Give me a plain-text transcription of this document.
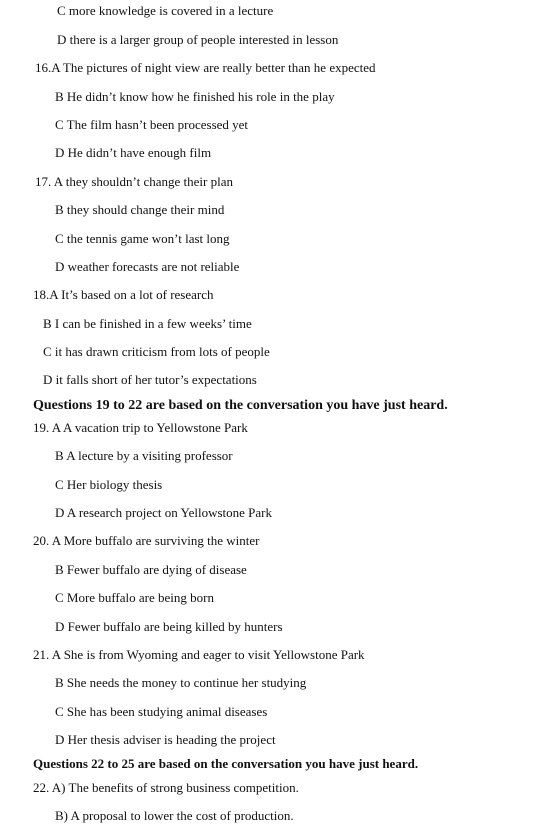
C more knowledge is covered in a lecture
D there is a larger group of people interested in lesson
16.A The pictures of night view are really better than he expected
B He didn’t know how he finished his role in the play
C The film hasn’t been processed yet
D He didn’t have enough film
17. A they shouldn’t change their plan
B they should change their mind
C the tennis game won’t last long
D weather forecasts are not reliable
18.A It’s based on a lot of research
B I can be finished in a few weeks’ time
C it has drawn criticism from lots of people
D it falls short of her tutor’s expectations
Questions 19 to 22 are based on the conversation you have just heard.
19. A A vacation trip to Yellowstone Park
B A lecture by a visiting professor
C Her biology thesis
D A research project on Yellowstone Park
20. A More buffalo are surviving the winter
B Fewer buffalo are dying of disease
C More buffalo are being born
D Fewer buffalo are being killed by hunters
21. A She is from Wyoming and eager to visit Yellowstone Park
B She needs the money to continue her studying
C She has been studying animal diseases
D Her thesis adviser is heading the project
Questions 22 to 25 are based on the conversation you have just heard.
22. A) The benefits of strong business competition.
B) A proposal to lower the cost of production.
